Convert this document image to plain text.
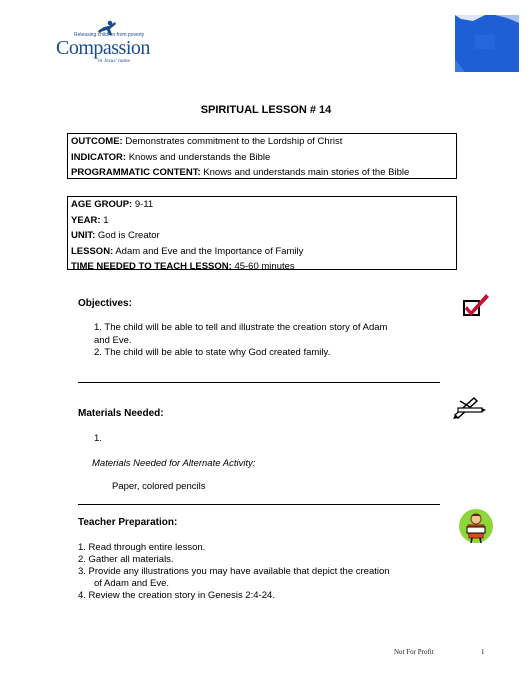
Releasing children from poverty
Compassion
in Jesus' name
SPIRITUAL LESSON # 14
OUTCOME: Demonstrates commitment to the Lordship of Christ
INDICATOR: Knows and understands the Bible
PROGRAMMATIC CONTENT: Knows and understands main stories of the Bible
AGE GROUP: 9-11
YEAR: 1
UNIT: God is Creator
LESSON: Adam and Eve and the Importance of Family
TIME NEEDED TO TEACH LESSON: 45-60 minutes
Objectives:
1. The child will be able to tell and illustrate the creation story of Adam
and Eve.
2. The child will be able to state why God created family.
Materials Needed:
1.
Materials Needed for Alternate Activity:
Paper, colored pencils
Teacher Preparation:
1. Read through entire lesson.
2. Gather all materials.
3. Provide any illustrations you may have available that depict the creation
of Adam and Eve.
4. Review the creation story in Genesis 2:4-24.
Not For Profit	1
